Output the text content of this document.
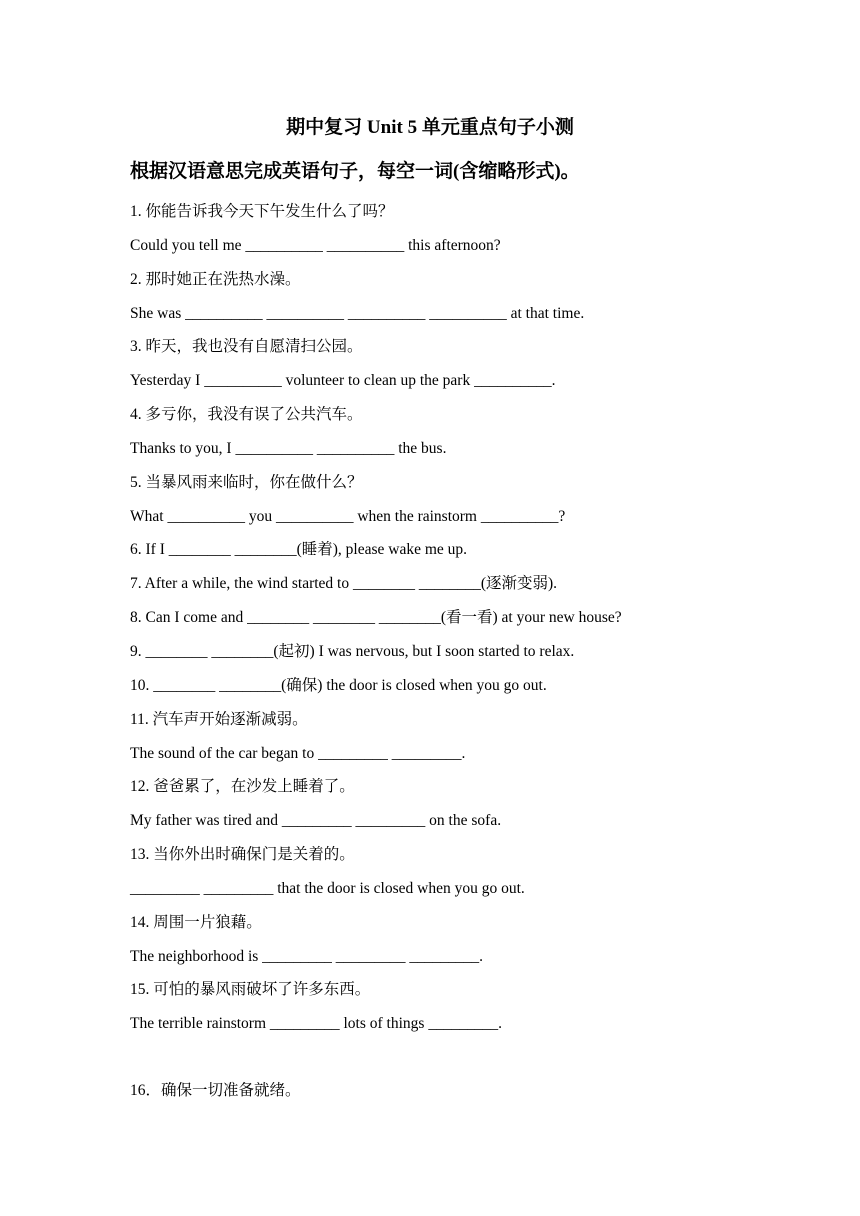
期中复习 Unit 5 单元重点句子小测
根据汉语意思完成英语句子，每空一词(含缩略形式)。
1. 你能告诉我今天下午发生什么了吗？
Could you tell me __________ __________ this afternoon?
2. 那时她正在洗热水澡。
She was __________ __________ __________ __________ at that time.
3. 昨天，我也没有自愿清扫公园。
Yesterday I __________ volunteer to clean up the park __________.
4. 多亏你，我没有误了公共汽车。
Thanks to you, I __________ __________ the bus.
5. 当暴风雨来临时，你在做什么？
What __________ you __________ when the rainstorm __________?
6. If I ________ ________(睡着), please wake me up.
7. After a while, the wind started to ________ ________(逐渐变弱).
8. Can I come and ________ ________ ________(看一看) at your new house?
9. ________ ________(起初) I was nervous, but I soon started to relax.
10. ________ ________(确保) the door is closed when you go out.
11. 汽车声开始逐渐减弱。
The sound of the car began to _________ _________.
12. 爸爸累了，在沙发上睡着了。
My father was tired and _________ _________ on the sofa.
13. 当你外出时确保门是关着的。
_________ _________ that the door is closed when you go out.
14. 周围一片狼藉。
The neighborhood is _________ _________ _________.
15. 可怕的暴风雨破坏了许多东西。
The terrible rainstorm _________ lots of things _________.
16．确保一切准备就绪。
